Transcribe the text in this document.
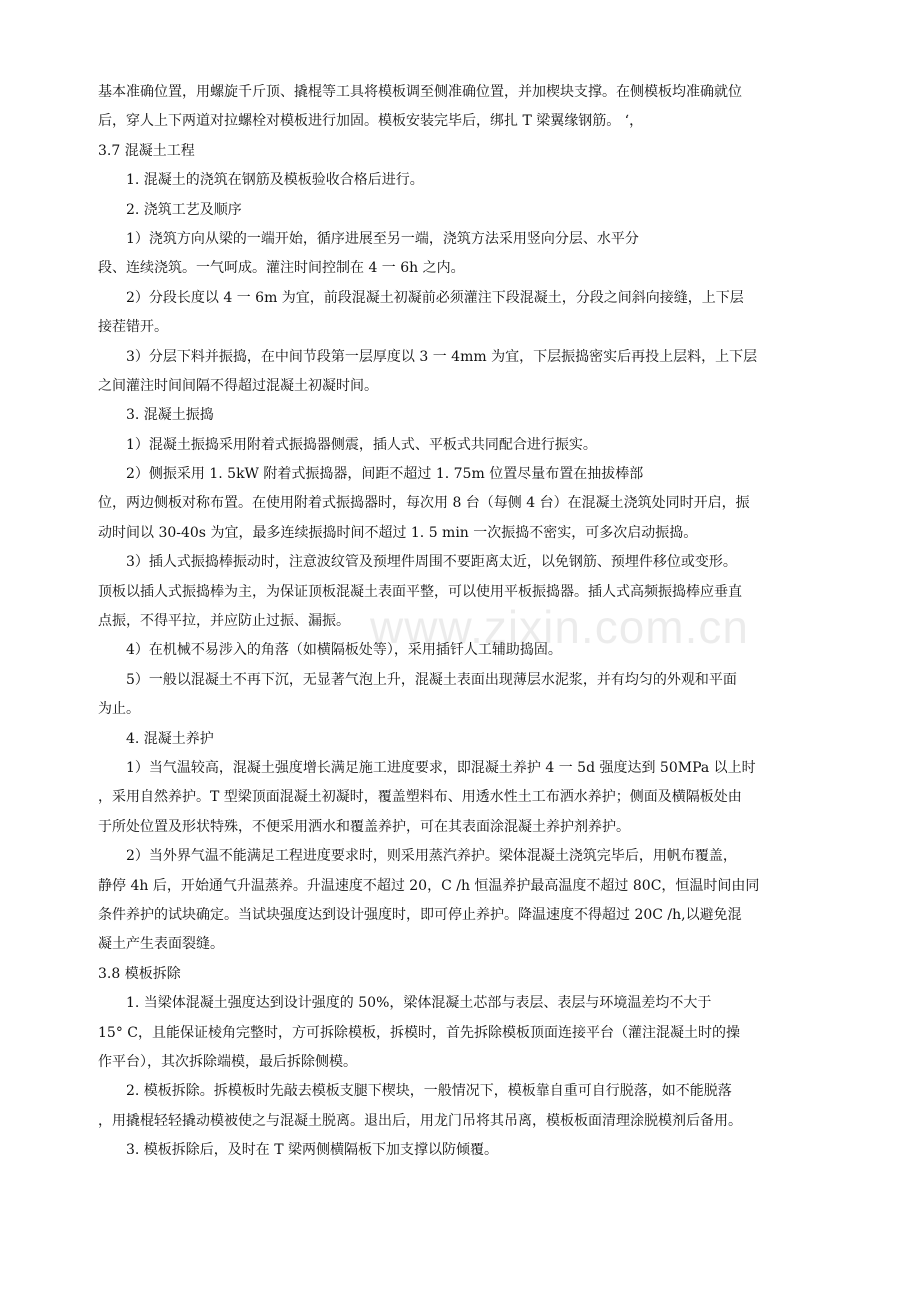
基本准确位置，用螺旋千斤顶、撬棍等工具将模板调至侧准确位置，并加楔块支撑。在侧模板均准确就位
后，穿人上下两道对拉螺栓对模板进行加固。模板安装完毕后，绑扎 T 梁翼缘钢筋。 ‘，
3.7 混凝土工程
1. 混凝土的浇筑在钢筋及模板验收合格后进行。
2. 浇筑工艺及顺序
1）浇筑方向从梁的一端开始，循序进展至另一端，浇筑方法采用竖向分层、水平分
段、连续浇筑。一气呵成。灌注时间控制在 4 一 6h 之内。
2）分段长度以 4 一 6m 为宜，前段混凝土初凝前必须灌注下段混凝土，分段之间斜向接缝，上下层
接茬错开。
3）分层下料并振捣，在中间节段第一层厚度以 3 一 4mm 为宜，下层振捣密实后再投上层料，上下层
之间灌注时间间隔不得超过混凝土初凝时间。
3. 混凝土振捣
1）混凝土振捣采用附着式振捣器侧震，插人式、平板式共同配合进行振实。
2）侧振采用 1. 5kW 附着式振捣器，间距不超过 1. 75m 位置尽量布置在抽拔棒部
位，两边侧板对称布置。在使用附着式振捣器时，每次用 8 台（每侧 4 台）在混凝土浇筑处同时开启，振
动时间以 30-40s 为宜，最多连续振捣时间不超过 1. 5 min 一次振捣不密实，可多次启动振捣。
3）插人式振捣棒振动时，注意波纹管及预埋件周围不要距离太近，以免钢筋、预埋件移位或变形。
顶板以插人式振捣棒为主，为保证顶板混凝土表面平整，可以使用平板振捣器。插人式高频振捣棒应垂直
点振，不得平拉，并应防止过振、漏振。
4）在机械不易涉入的角落（如横隔板处等），采用插钎人工辅助捣固。
5）一般以混凝土不再下沉，无显著气泡上升，混凝土表面出现薄层水泥浆，并有均匀的外观和平面
为止。
4. 混凝土养护
1）当气温较高，混凝土强度增长满足施工进度要求，即混凝土养护 4 一 5d 强度达到 50MPa 以上时
，采用自然养护。T 型梁顶面混凝土初凝时，覆盖塑料布、用透水性土工布洒水养护；侧面及横隔板处由
于所处位置及形状特殊，不便采用洒水和覆盖养护，可在其表面涂混凝土养护剂养护。
2）当外界气温不能满足工程进度要求时，则采用蒸汽养护。梁体混凝土浇筑完毕后，用帆布覆盖，
静停 4h 后，开始通气升温蒸养。升温速度不超过 20，C /h 恒温养护最高温度不超过 80C，恒温时间由同
条件养护的试块确定。当试块强度达到设计强度时，即可停止养护。降温速度不得超过 20C /h,以避免混
凝土产生表面裂缝。
3.8 模板拆除
1. 当梁体混凝土强度达到设计强度的 50%，梁体混凝土芯部与表层、表层与环境温差均不大于
15° C，且能保证棱角完整时，方可拆除模板，拆模时，首先拆除模板顶面连接平台（灌注混凝土时的操
作平台），其次拆除端模，最后拆除侧模。
2. 模板拆除。拆模板时先敲去模板支腿下楔块，一般情况下，模板靠自重可自行脱落，如不能脱落
，用撬棍轻轻撬动模被使之与混凝土脱离。退出后，用龙门吊将其吊离，模板板面清理涂脱模剂后备用。
3. 模板拆除后，及时在 T 梁两侧横隔板下加支撑以防倾覆。
www.zixin.com.cn
